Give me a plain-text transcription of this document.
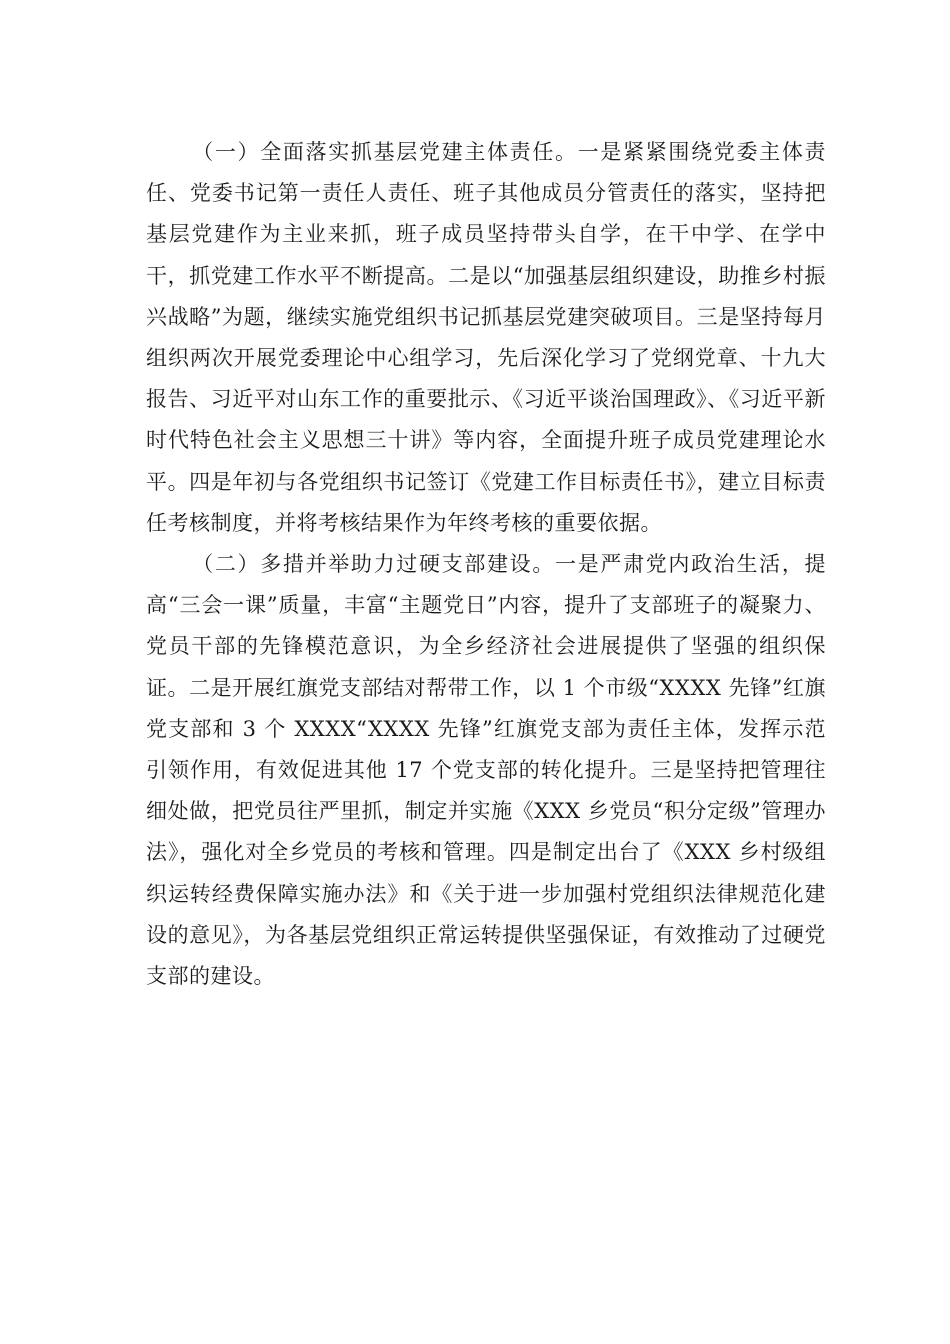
（一）全面落实抓基层党建主体责任。一是紧紧围绕党委主体责任、党委书记第一责任人责任、班子其他成员分管责任的落实，坚持把基层党建作为主业来抓，班子成员坚持带头自学，在干中学、在学中干，抓党建工作水平不断提高。二是以“加强基层组织建设，助推乡村振兴战略”为题，继续实施党组织书记抓基层党建突破项目。三是坚持每月组织两次开展党委理论中心组学习，先后深化学习了党纲党章、十九大报告、习近平对山东工作的重要批示、《习近平谈治国理政》、《习近平新时代特色社会主义思想三十讲》等内容，全面提升班子成员党建理论水平。四是年初与各党组织书记签订《党建工作目标责任书》，建立目标责任考核制度，并将考核结果作为年终考核的重要依据。

（二）多措并举助力过硬支部建设。一是严肃党内政治生活，提高“三会一课”质量，丰富“主题党日”内容，提升了支部班子的凝聚力、党员干部的先锋模范意识，为全乡经济社会进展提供了坚强的组织保证。二是开展红旗党支部结对帮带工作，以 1 个市级“XXXX 先锋”红旗党支部和 3 个 XXXX“XXXX 先锋”红旗党支部为责任主体，发挥示范引领作用，有效促进其他 17 个党支部的转化提升。三是坚持把管理往细处做，把党员往严里抓，制定并实施《XXX 乡党员“积分定级”管理办法》，强化对全乡党员的考核和管理。四是制定出台了《XXX 乡村级组织运转经费保障实施办法》和《关于进一步加强村党组织法律规范化建设的意见》，为各基层党组织正常运转提供坚强保证，有效推动了过硬党支部的建设。
